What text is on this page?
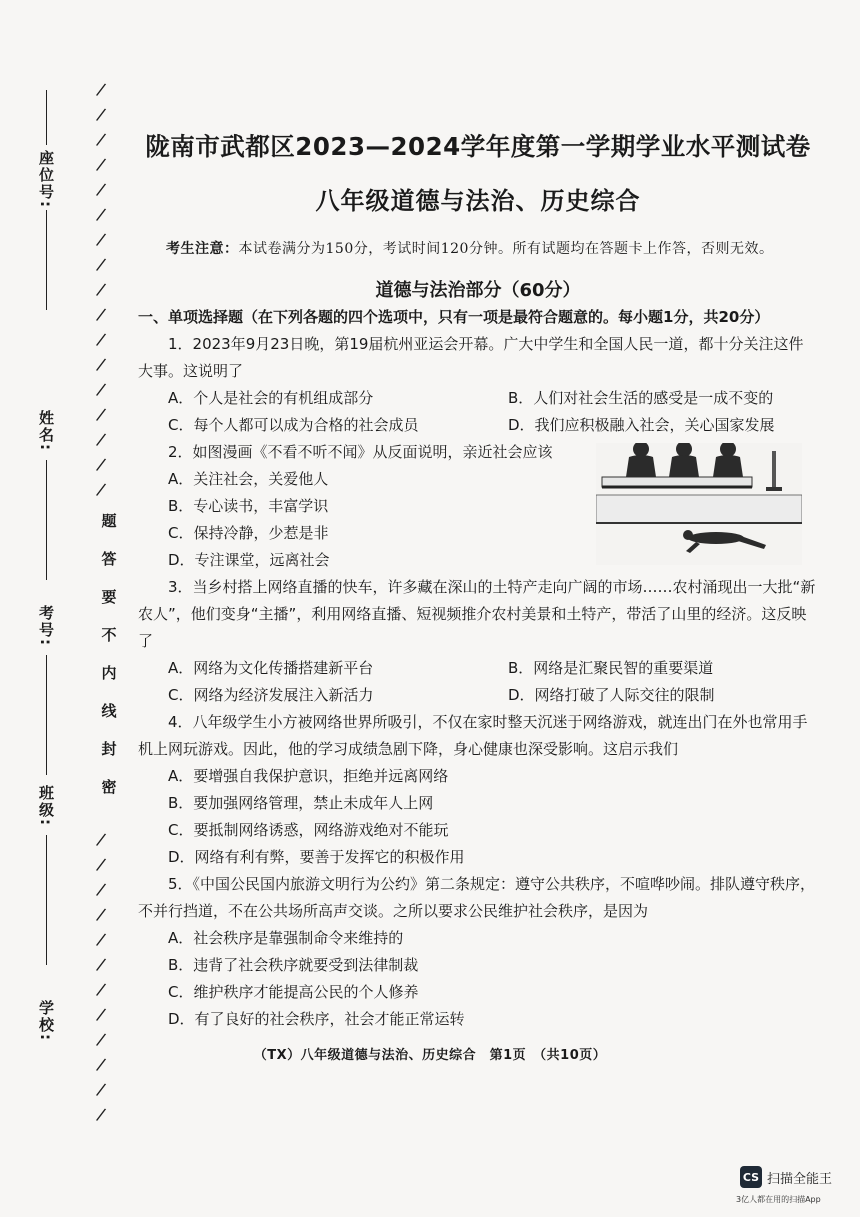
/
/
/
/
/
/
/
/
/
/
/
/
/
/
/
/
/
/
/
/
/
/
/
/
/
/
/
/
/
座位号:
姓名:
考号:
班级:
学校:
题
答
要
不
内
线
封
密
陇南市武都区2023—2024学年度第一学期学业水平测试卷
八年级道德与法治、历史综合
考生注意：本试卷满分为150分，考试时间120分钟。所有试题均在答题卡上作答，否则无效。
道德与法治部分（60分）
一、单项选择题（在下列各题的四个选项中，只有一项是最符合题意的。每小题1分，共20分）
1．2023年9月23日晚，第19届杭州亚运会开幕。广大中学生和全国人民一道，都十分关注这件大事。这说明了
A．个人是社会的有机组成部分	B．人们对社会生活的感受是一成不变的
C．每个人都可以成为合格的社会成员	D．我们应积极融入社会，关心国家发展
2．如图漫画《不看不听不闻》从反面说明，亲近社会应该
A．关注社会，关爱他人
B．专心读书，丰富学识
C．保持冷静，少惹是非
D．专注课堂，远离社会
3．当乡村搭上网络直播的快车，许多藏在深山的土特产走向广阔的市场……农村涌现出一大批“新农人”，他们变身“主播”，利用网络直播、短视频推介农村美景和土特产，带活了山里的经济。这反映了
A．网络为文化传播搭建新平台	B．网络是汇聚民智的重要渠道
C．网络为经济发展注入新活力	D．网络打破了人际交往的限制
4．八年级学生小方被网络世界所吸引，不仅在家时整天沉迷于网络游戏，就连出门在外也常用手机上网玩游戏。因此，他的学习成绩急剧下降，身心健康也深受影响。这启示我们
A．要增强自我保护意识，拒绝并远离网络
B．要加强网络管理，禁止未成年人上网
C．要抵制网络诱惑，网络游戏绝对不能玩
D．网络有利有弊，要善于发挥它的积极作用
5．《中国公民国内旅游文明行为公约》第二条规定：遵守公共秩序，不喧哗吵闹。排队遵守秩序，不并行挡道，不在公共场所高声交谈。之所以要求公民维护社会秩序，是因为
A．社会秩序是靠强制命令来维持的
B．违背了社会秩序就要受到法律制裁
C．维护秩序才能提高公民的个人修养
D．有了良好的社会秩序，社会才能正常运转
（TX）八年级道德与法治、历史综合　第1页　（共10页）
CS 扫描全能王
3亿人都在用的扫描App
